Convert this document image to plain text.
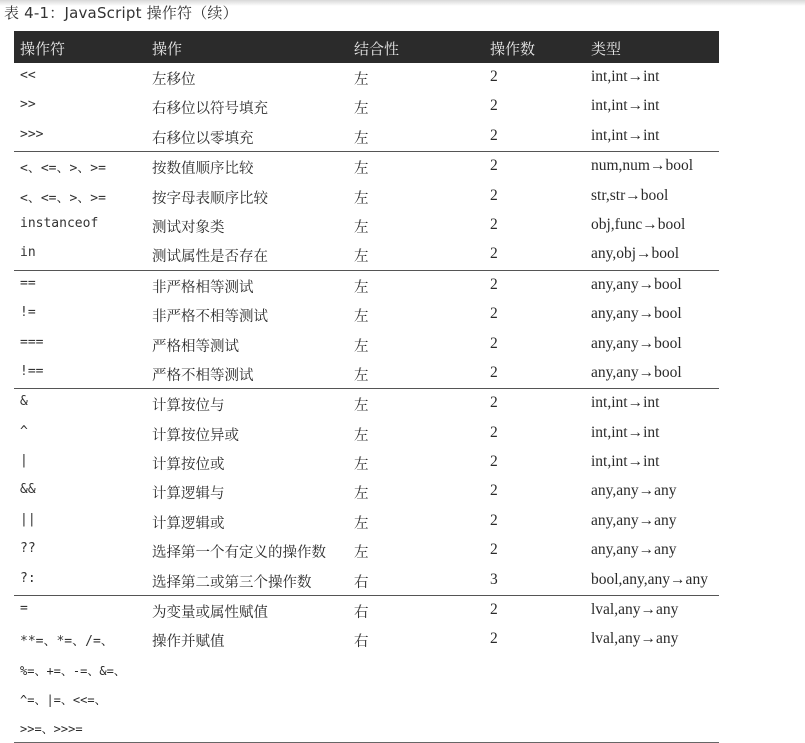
表 4-1：JavaScript 操作符（续）
操作符	操作	结合性	操作数	类型
<<	左移位	左	2	int,int→int
>>	右移位以符号填充	左	2	int,int→int
>>>	右移位以零填充	左	2	int,int→int
<、<=、>、>=	按数值顺序比较	左	2	num,num→bool
<、<=、>、>=	按字母表顺序比较	左	2	str,str→bool
instanceof	测试对象类	左	2	obj,func→bool
in	测试属性是否存在	左	2	any,obj→bool
==	非严格相等测试	左	2	any,any→bool
!=	非严格不相等测试	左	2	any,any→bool
===	严格相等测试	左	2	any,any→bool
!==	严格不相等测试	左	2	any,any→bool
&	计算按位与	左	2	int,int→int
^	计算按位异或	左	2	int,int→int
|	计算按位或	左	2	int,int→int
&&	计算逻辑与	左	2	any,any→any
||	计算逻辑或	左	2	any,any→any
??	选择第一个有定义的操作数 左	2	any,any→any
?:	选择第二或第三个操作数	右	3	bool,any,any→any
=	为变量或属性赋值	右	2	lval,any→any
**=、*=、/=、	操作并赋值	右	2	lval,any→any
%=、+=、-=、&=、
^=、|=、<<=、
>>=、>>>=
